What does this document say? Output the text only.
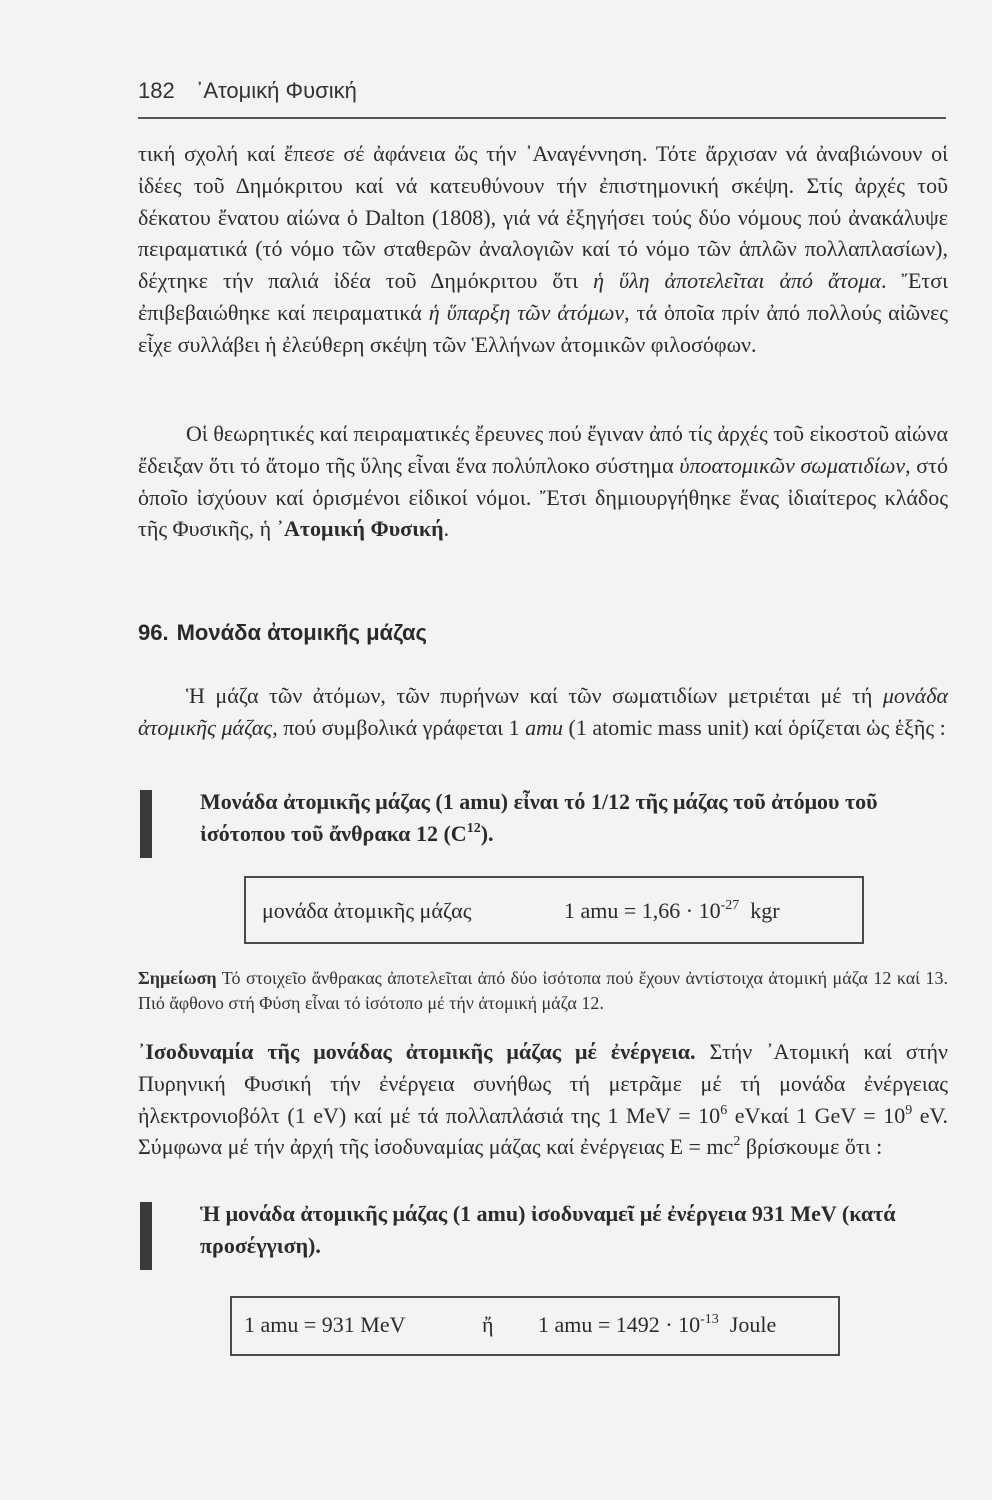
182 ᾿Ατομική Φυσική

τική σχολή καί ἔπεσε σέ ἀφάνεια ὥς τήν ᾿Αναγέννηση. Τότε ἄρχισαν νά ἀναβιώνουν οἱ ἰδέες τοῦ Δημόκριτου καί νά κατευθύνουν τήν ἐπιστημονική σκέψη. Στίς ἀρχές τοῦ δέκατου ἔνατου αἰώνα ὁ Dalton (1808), γιά νά ἐξηγήσει τούς δύο νόμους πού ἀνακάλυψε πειραματικά (τό νόμο τῶν σταθερῶν ἀναλογιῶν καί τό νόμο τῶν ἁπλῶν πολλαπλασίων), δέχτηκε τήν παλιά ἰδέα τοῦ Δημόκριτου ὅτι ἡ ὕλη ἀποτελεῖται ἀπό ἄτομα. Ἔτσι ἐπιβεβαιώθηκε καί πειραματικά ἡ ὕπαρξη τῶν ἀτόμων, τά ὁποῖα πρίν ἀπό πολλούς αἰῶνες εἶχε συλλάβει ἡ ἐλεύθερη σκέψη τῶν Ἑλλήνων ἀτομικῶν φιλοσόφων.

Οἱ θεωρητικές καί πειραματικές ἔρευνες πού ἔγιναν ἀπό τίς ἀρχές τοῦ εἰκοστοῦ αἰώνα ἔδειξαν ὅτι τό ἄτομο τῆς ὕλης εἶναι ἕνα πολύπλοκο σύστημα ὑποατομικῶν σωματιδίων, στό ὁποῖο ἰσχύουν καί ὁρισμένοι εἰδικοί νόμοι. Ἔτσι δημιουργήθηκε ἕνας ἰδιαίτερος κλάδος τῆς Φυσικῆς, ἡ ᾿Ατομική Φυσική.

96. Μονάδα ἀτομικῆς μάζας

Ἡ μάζα τῶν ἀτόμων, τῶν πυρήνων καί τῶν σωματιδίων μετριέται μέ τή μονάδα ἀτομικῆς μάζας, πού συμβολικά γράφεται 1 amu (1 atomic mass unit) καί ὁρίζεται ὡς ἑξῆς :

Μονάδα ἀτομικῆς μάζας (1 amu) εἶναι τό 1/12 τῆς μάζας τοῦ ἀτόμου τοῦ ἰσότοπου τοῦ ἄνθρακα 12 $(C^{12})$.
μονάδα ἀτομικῆς μάζας	1 amu = $1,66 \cdot 10^{-27}$ kgr
Σημείωση Τό στοιχεῖο ἄνθρακας ἀποτελεῖται ἀπό δύο ἰσότοπα πού ἔχουν ἀντίστοιχα ἀτομική μάζα 12 καί 13. Πιό ἄφθονο στή Φύση εἶναι τό ἰσότοπο μέ τήν ἀτομική μάζα 12.

᾿Ισοδυναμία τῆς μονάδας ἀτομικῆς μάζας μέ ἐνέργεια. Στήν ᾿Ατομική καί στήν Πυρηνική Φυσική τήν ἐνέργεια συνήθως τή μετρᾶμε μέ τή μονάδα ἐνέργειας ἠλεκτρονιοβόλτ (1 eV) καί μέ τά πολλαπλάσιά της 1 MeV = $10^6$ eVκαί 1 GeV = $10^9$ eV. Σύμφωνα μέ τήν ἀρχή τῆς ἰσοδυναμίας μάζας καί ἐνέργειας $E = mc^2$ βρίσκουμε ὅτι :

Ἡ μονάδα ἀτομικῆς μάζας (1 amu) ἰσοδυναμεῖ μέ ἐνέργεια 931 MeV (κατά προσέγγιση).
1 amu = 931 MeV	ἤ 1 amu = $1492 \cdot 10^{-13}$ Joule
